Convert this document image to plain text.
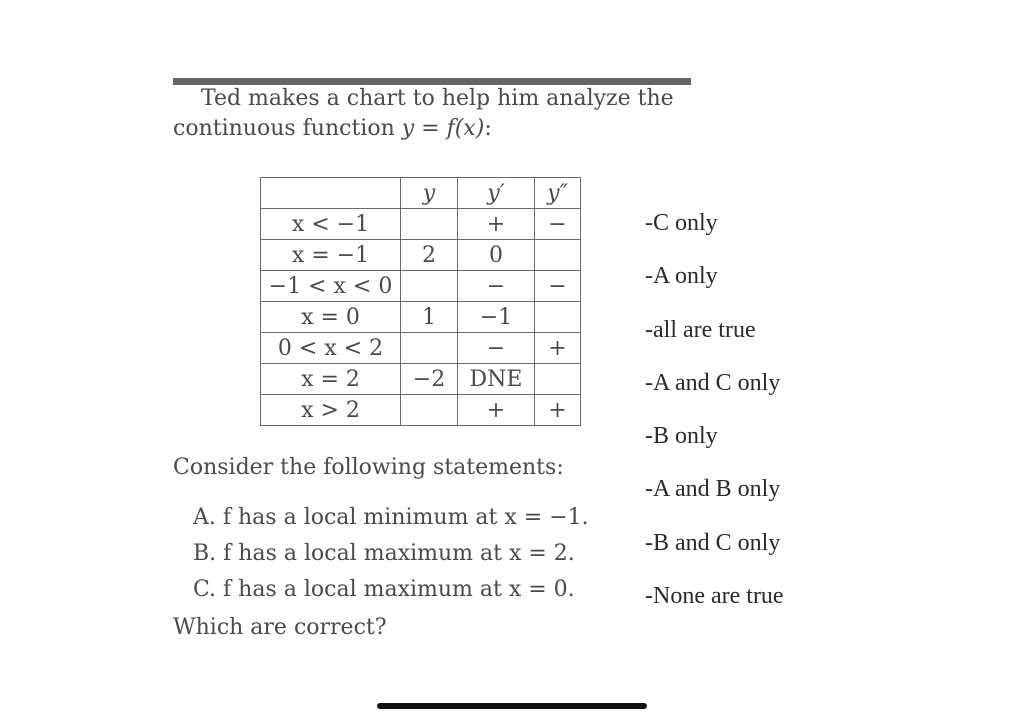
Ted makes a chart to help him analyze the
continuous function y = f(x):
	y	y′	y″
x < −1		+	−
x = −1	2	0	
−1 < x < 0		−	−
x = 0	1	−1	
0 < x < 2		−	+
x = 2	−2	DNE	
x > 2		+	+
Consider the following statements:
A. f has a local minimum at x = −1.
B. f has a local maximum at x = 2.
C. f has a local maximum at x = 0.
Which are correct?
-C only
-A only
-all are true
-A and C only
-B only
-A and B only
-B and C only
-None are true
